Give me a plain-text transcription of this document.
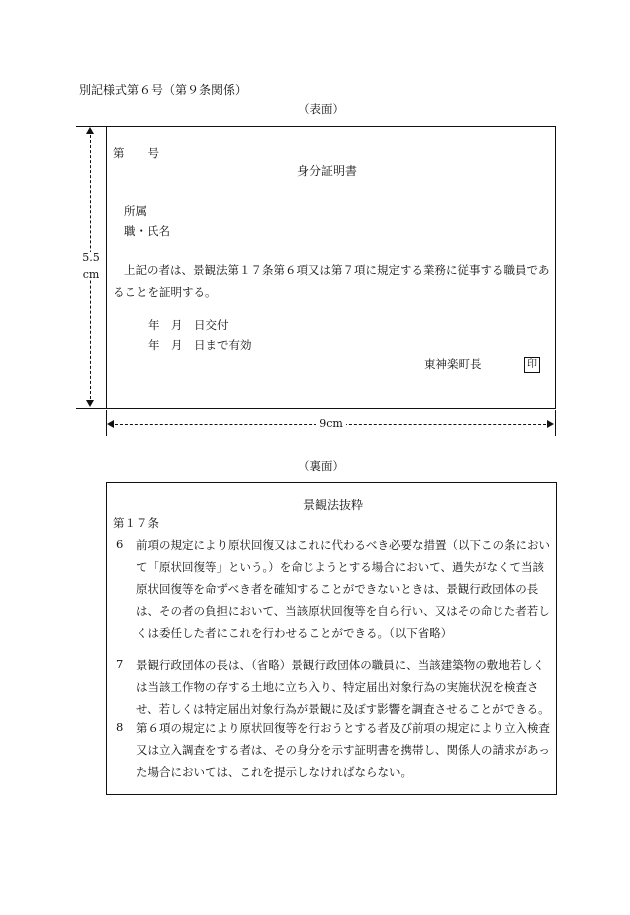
別記様式第６号（第９条関係）
（表面）
5.5
cm
第　　号
身分証明書
所属
職・氏名
上記の者は、景観法第１７条第６項又は第７項に規定する業務に従事する職員であることを証明する。
年　月　日交付
年　月　日まで有効
東神楽町長	印
9cm
（裏面）
景観法抜粋
第１７条
6 前項の規定により原状回復又はこれに代わるべき必要な措置（以下この条において「原状回復等」という。）を命じようとする場合において、過失がなくて当該原状回復等を命ずべき者を確知することができないときは、景観行政団体の長は、その者の負担において、当該原状回復等を自ら行い、又はその命じた者若しくは委任した者にこれを行わせることができる。（以下省略）
7 景観行政団体の長は、（省略）景観行政団体の職員に、当該建築物の敷地若しくは当該工作物の存する土地に立ち入り、特定届出対象行為の実施状況を検査させ、若しくは特定届出対象行為が景観に及ぼす影響を調査させることができる。
8 第６項の規定により原状回復等を行おうとする者及び前項の規定により立入検査又は立入調査をする者は、その身分を示す証明書を携帯し、関係人の請求があった場合においては、これを提示しなければならない。
